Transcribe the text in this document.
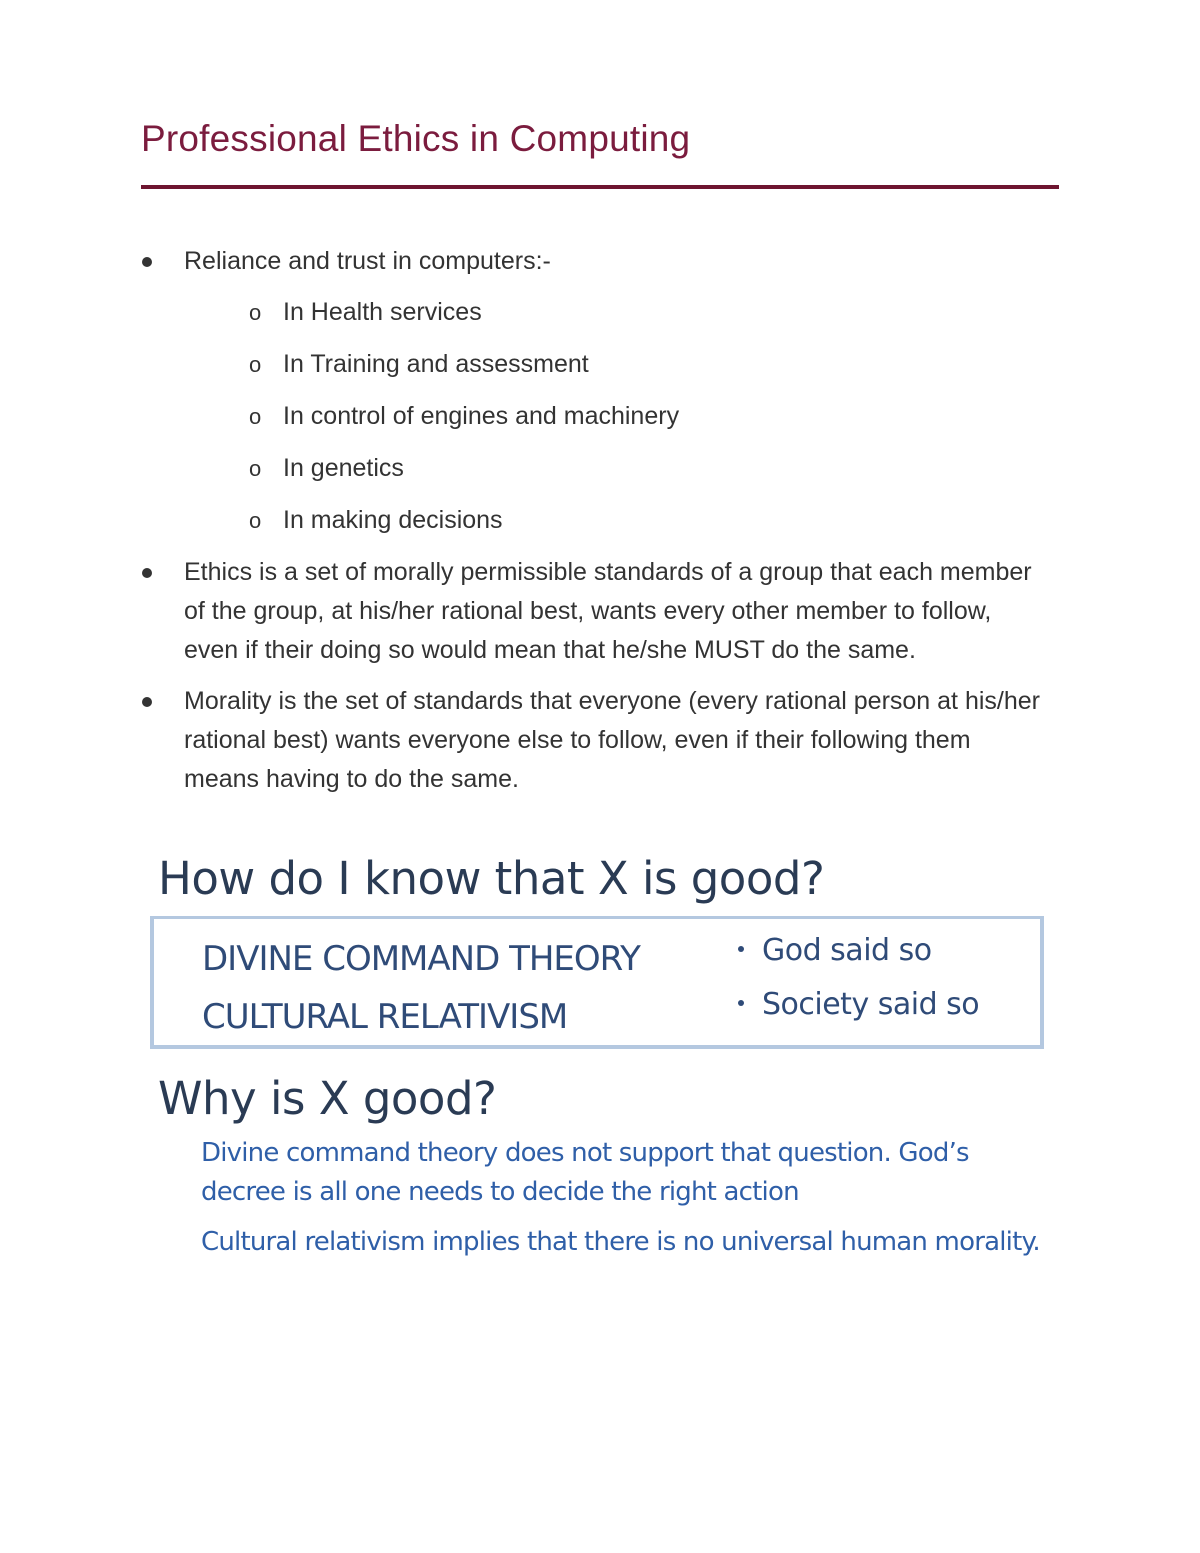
Professional Ethics in Computing
Reliance and trust in computers:-
o In Health services
o In Training and assessment
o In control of engines and machinery
o In genetics
o In making decisions
Ethics is a set of morally permissible standards of a group that each member of the group, at his/her rational best, wants every other member to follow, even if their doing so would mean that he/she MUST do the same.
Morality is the set of standards that everyone (every rational person at his/her rational best) wants everyone else to follow, even if their following them means having to do the same.
How do I know that X is good?
DIVINE COMMAND THEORY
CULTURAL RELATIVISM
God said so
Society said so
Why is X good?

Divine command theory does not support that question. God’s decree is all one needs to decide the right action

Cultural relativism implies that there is no universal human morality.
